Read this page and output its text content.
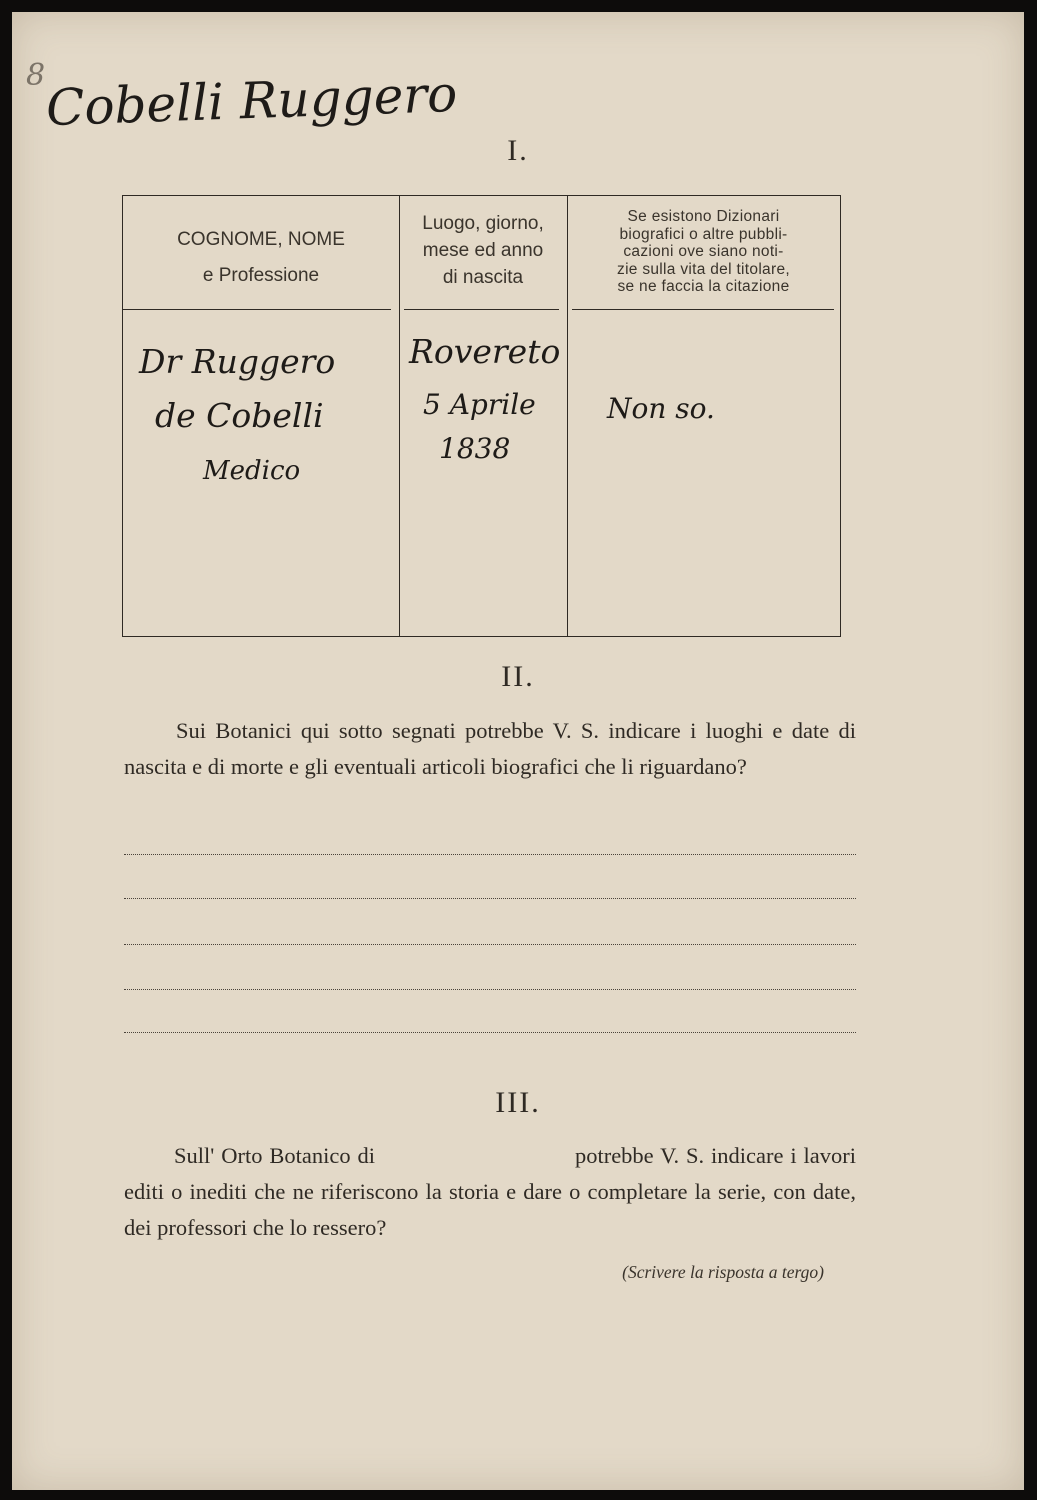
8 Cobelli Ruggero
I.
COGNOME, NOME
e Professione
Luogo, giorno,
mese ed anno
di nascita
Se esistono Dizionari
biografici o altre pubbli-
cazioni ove siano noti-
zie sulla vita del titolare,
se ne faccia la citazione
Dr Ruggero
de Cobelli
Medico
Rovereto
5 Aprile
1838
Non so.
II.
Sui Botanici qui sotto segnati potrebbe V. S. indicare i luoghi e date di nascita e di morte e gli eventuali articoli biografici che li riguardano?
III.
Sull' Orto Botanico di	potrebbe V. S. indicare i lavori editi o inediti che ne riferiscono la storia e dare o completare la serie, con date, dei professori che lo ressero?
(Scrivere la risposta a tergo)
